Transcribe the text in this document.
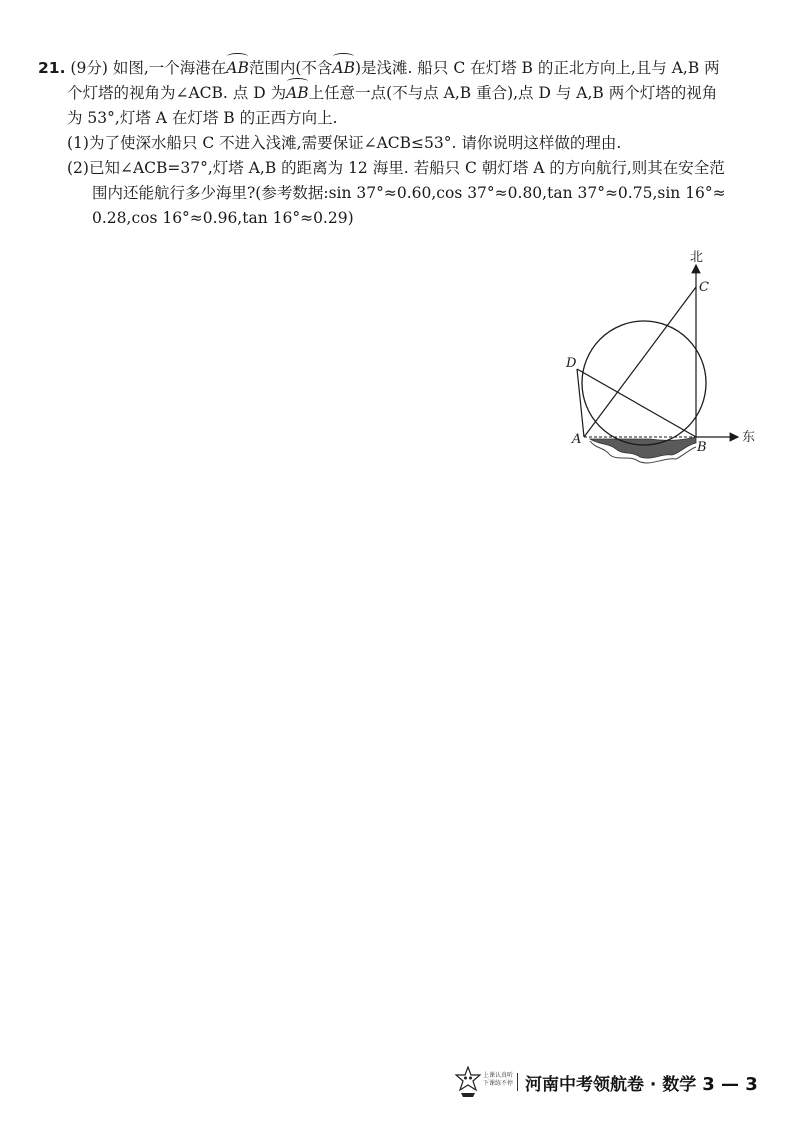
21. (9分) 如图,一个海港在AB范围内(不含AB)是浅滩. 船只 C 在灯塔 B 的正北方向上,且与 A,B 两
个灯塔的视角为∠ACB. 点 D 为AB上任意一点(不与点 A,B 重合),点 D 与 A,B 两个灯塔的视角
为 53°,灯塔 A 在灯塔 B 的正西方向上.
(1)为了使深水船只 C 不进入浅滩,需要保证∠ACB≤53°. 请你说明这样做的理由.
(2)已知∠ACB=37°,灯塔 A,B 的距离为 12 海里. 若船只 C 朝灯塔 A 的方向航行,则其在安全范
围内还能航行多少海里?(参考数据:sin 37°≈0.60,cos 37°≈0.80,tan 37°≈0.75,sin 16°≈
0.28,cos 16°≈0.96,tan 16°≈0.29)
北
东
A
B
C
D
上课认真听
下课练不停 河南中考领航卷 · 数学 3 — 3
